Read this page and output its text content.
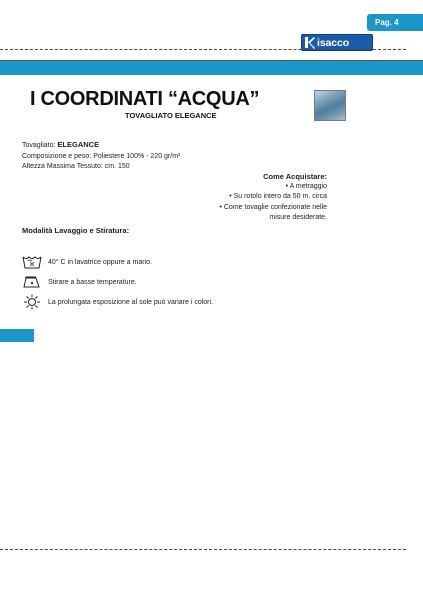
Pag. 4
isacco
I COORDINATI “ACQUA”
TOVAGLIATO ELEGANCE
Tovagliato: ELEGANCE
Composizione e peso: Poliestere 100% - 220 gr/m²
Altezza Massima Tessuto: cm. 150
Come Acquistare:
• A metraggio
• Su rotolo intero da 50 m. circa
• Come tovaglie confezionate nelle
misure desiderate.
Modalità Lavaggio e Stiratura:
40° C in lavatrice oppure a mano.
Stirare a basse temperature.
La prolungata esposizione al sole può variare i colori.
